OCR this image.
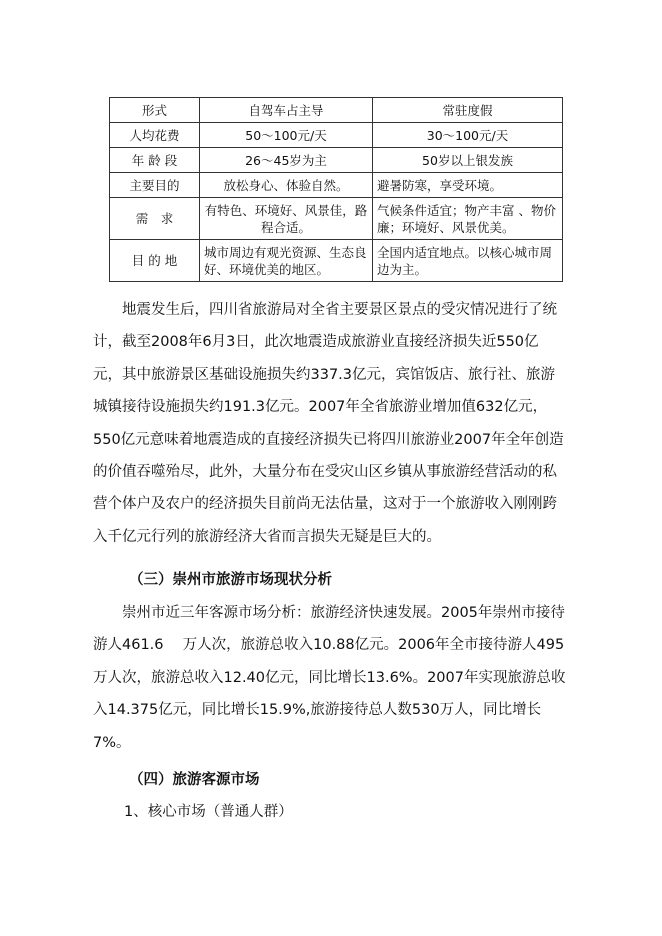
形式	自驾车占主导	常驻度假
人均花费	50～100元/天	30～100元/天
年 龄 段	26～45岁为主	50岁以上银发族
主要目的	放松身心、体验自然。	避暑防寒，享受环境。
需　求	有特色、环境好、风景佳，路程合适。	气候条件适宜；物产丰富 、物价廉；环境好、风景优美。
目 的 地	城市周边有观光资源、生态良好、环境优美的地区。	全国内适宜地点。以核心城市周边为主。
　　地震发生后，四川省旅游局对全省主要景区景点的受灾情况进行了统
计，截至2008年6月3日，此次地震造成旅游业直接经济损失近550亿
元，其中旅游景区基础设施损失约337.3亿元，宾馆饭店、旅行社、旅游
城镇接待设施损失约191.3亿元。2007年全省旅游业增加值632亿元，
550亿元意味着地震造成的直接经济损失已将四川旅游业2007年全年创造
的价值吞噬殆尽，此外，大量分布在受灾山区乡镇从事旅游经营活动的私
营个体户及农户的经济损失目前尚无法估量，这对于一个旅游收入刚刚跨
入千亿元行列的旅游经济大省而言损失无疑是巨大的。

（三）崇州市旅游市场现状分析

　　崇州市近三年客源市场分析：旅游经济快速发展。2005年崇州市接待
游人461.6　 万人次，旅游总收入10.88亿元。2006年全市接待游人495
万人次，旅游总收入12.40亿元，同比增长13.6%。2007年实现旅游总收
入14.375亿元，同比增长15.9%,旅游接待总人数530万人，同比增长
7%。

（四）旅游客源市场

1、核心市场（普通人群）
